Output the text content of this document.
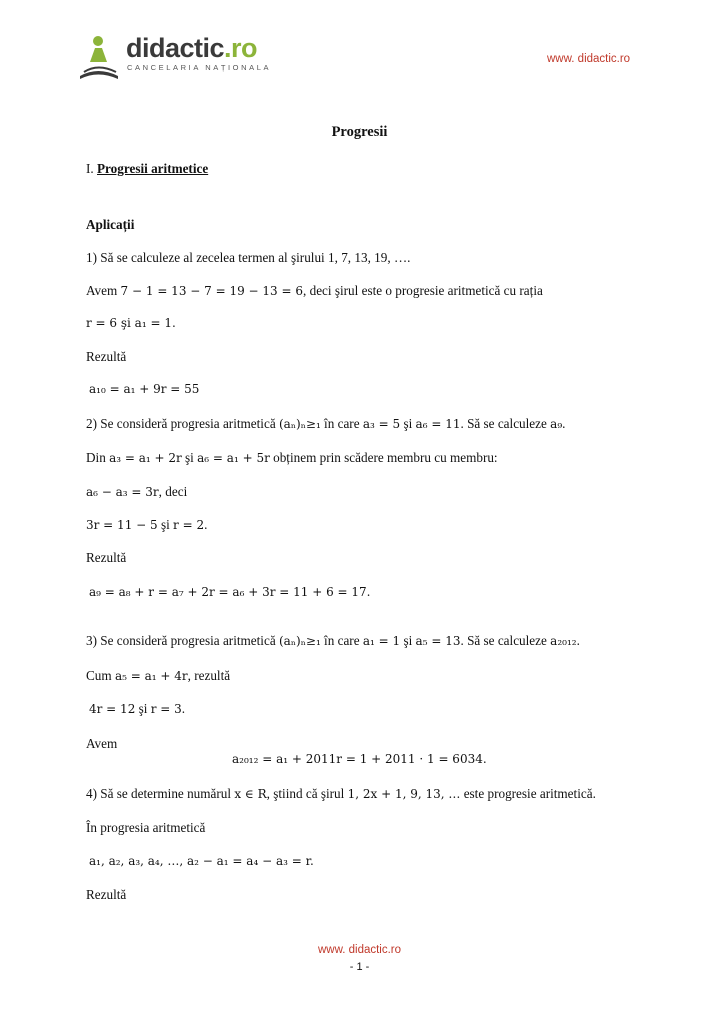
didactic.ro
CANCELARIA NAȚIONALA
www. didactic.ro
Progresii
I. Progresii aritmetice
Aplicații
1) Să se calculeze al zecelea termen al şirului 1, 7, 13, 19, ….
Avem 7 − 1 = 13 − 7 = 19 − 13 = 6, deci şirul este o progresie aritmetică cu rația
r = 6 şi a₁ = 1.
Rezultă
a₁₀ = a₁ + 9r = 55
2) Se consideră progresia aritmetică (aₙ)ₙ≥₁ în care a₃ = 5 şi a₆ = 11. Să se calculeze a₉.
Din a₃ = a₁ + 2r şi a₆ = a₁ + 5r obținem prin scădere membru cu membru:
a₆ − a₃ = 3r, deci
3r = 11 − 5 şi r = 2.
Rezultă
a₉ = a₈ + r = a₇ + 2r = a₆ + 3r = 11 + 6 = 17.
3) Se consideră progresia aritmetică (aₙ)ₙ≥₁ în care a₁ = 1 şi a₅ = 13. Să se calculeze a₂₀₁₂.
Cum a₅ = a₁ + 4r, rezultă
4r = 12 şi r = 3.
Avem
a₂₀₁₂ = a₁ + 2011r = 1 + 2011 · 1 = 6034.
4) Să se determine numărul x ∈ R, ştiind că şirul 1, 2x + 1, 9, 13, … este progresie aritmetică.
În progresia aritmetică
a₁, a₂, a₃, a₄, …, a₂ − a₁ = a₄ − a₃ = r.
Rezultă
www. didactic.ro
- 1 -
